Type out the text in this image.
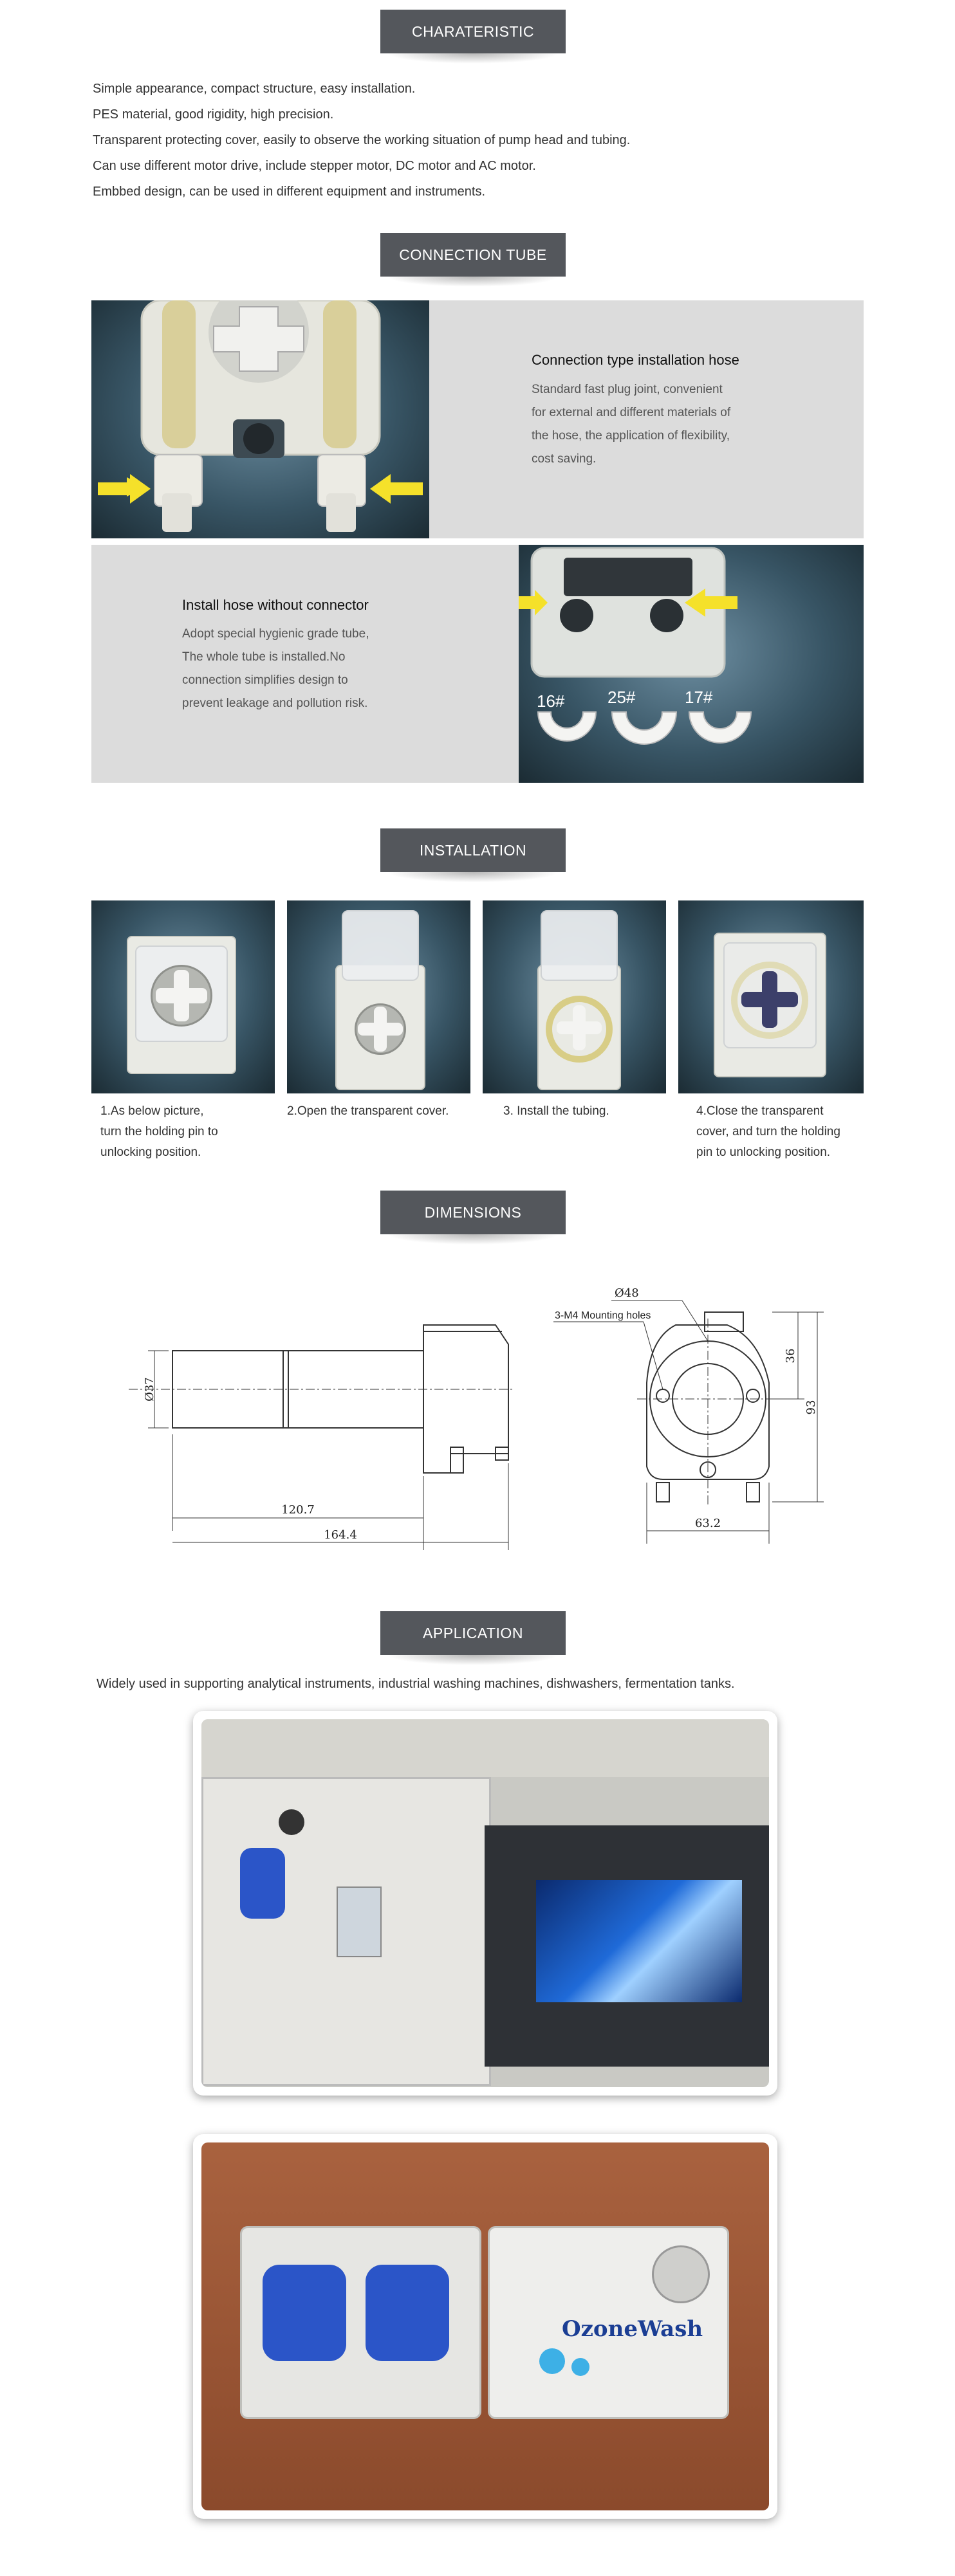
CHARATERISTIC
Simple appearance, compact structure, easy installation.
PES material, good rigidity, high precision.
Transparent protecting cover, easily to observe the working situation of pump head and tubing.
Can use different motor drive, include stepper motor, DC motor and AC motor.
Embbed design, can be used in different equipment and instruments.
CONNECTION TUBE
Connection type installation hose
Standard fast plug joint, convenient
for external and different materials of
the hose, the application of flexibility,
cost saving.
Install hose without connector
Adopt special hygienic grade tube,
The whole tube is installed.No
connection simplifies design to
prevent leakage and pollution risk.	16#	25#	17#
INSTALLATION
1.As below picture,
turn the holding pin to
unlocking position.
2.Open the transparent cover.	3. Install the tubing.	4.Close the transparent
cover, and turn the holding
pin to unlocking position.
DIMENSIONS
Ø37
120.7
164.4
Ø48
3-M4 Mounting holes
36
93
63.2
APPLICATION
Widely used in supporting analytical instruments, industrial washing machines, dishwashers, fermentation tanks.
OzoneWash
